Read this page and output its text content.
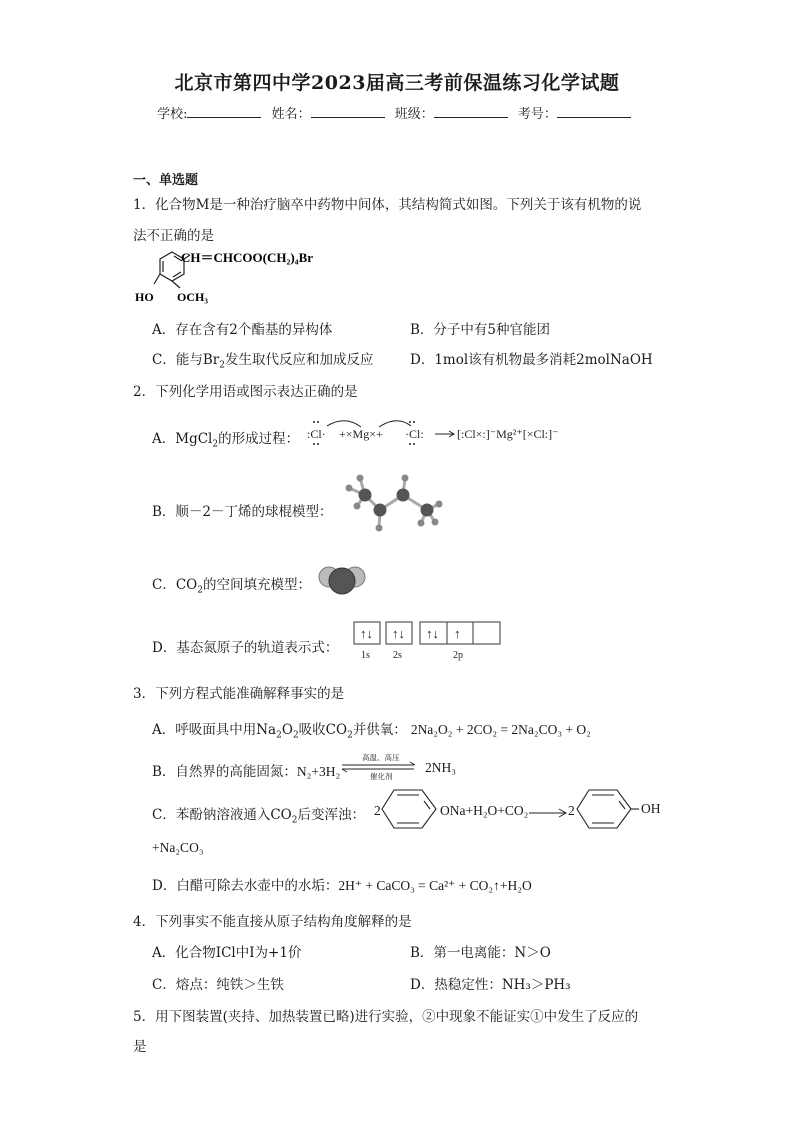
北京市第四中学2023届高三考前保温练习化学试题
学校:	姓名：	班级：	考号：
一、单选题
1．化合物M是一种治疗脑卒中药物中间体，其结构简式如图。下列关于该有机物的说
法不正确的是
CH＝CHCOO(CH₂)₄Br
HO OCH₃
A．存在含有2个酯基的异构体	B．分子中有5种官能团
C．能与$Br_2$发生取代反应和加成反应	D．1mol该有机物最多消耗2molNaOH
2．下列化学用语或图示表达正确的是
A．MgCl$_2$的形成过程： :Cl· +×Mg×+ ·Cl:	[:Cl×:]⁻Mg²⁺[×Cl:]⁻
B．顺－2－丁烯的球棍模型：
C．$CO_2$的空间填充模型：
D．基态氮原子的轨道表示式：
↑↓ ↑↓ ↑↓ ↑
1s 2s	2p
3．下列方程式能准确解释事实的是
A．呼吸面具中用$Na_2O_2$吸收$CO_2$并供氧： 2Na₂O₂ + 2CO₂ = 2Na₂CO₃ + O₂
B．自然界的高能固氮：N₂+3H₂
高温、高压
催化剂
2NH₃
C．苯酚钠溶液通入$CO_2$后变浑浊： 2	ONa+H₂O+CO₂ → 2	OH
+Na₂CO₃
D．白醋可除去水壶中的水垢：2H⁺ + CaCO₃ = Ca²⁺ + CO₂↑+H₂O
4．下列事实不能直接从原子结构角度解释的是
A．化合物ICl中I为+1价	B．第一电离能：N＞O
C．熔点：纯铁＞生铁	D．热稳定性：NH₃＞PH₃
5．用下图装置(夹持、加热装置已略)进行实验，②中现象不能证实①中发生了反应的
是
